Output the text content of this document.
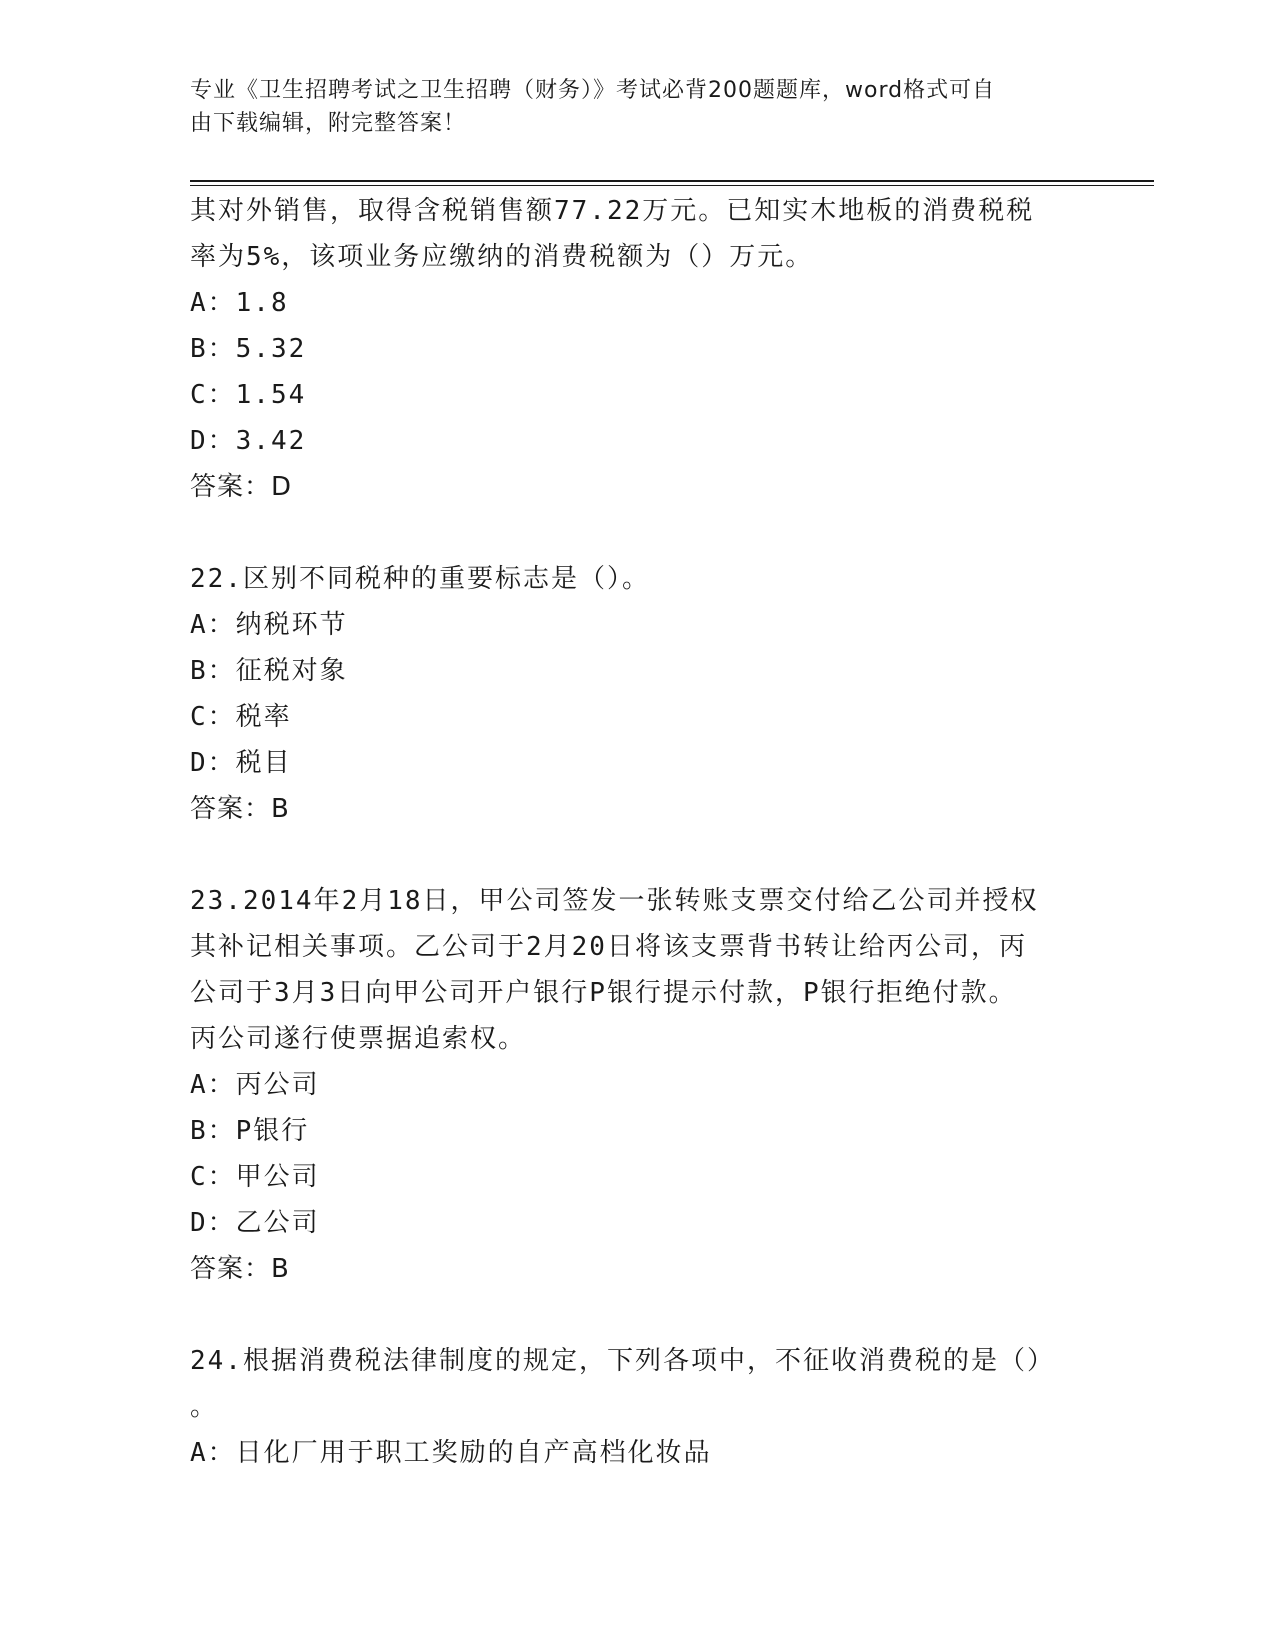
专业《卫生招聘考试之卫生招聘（财务）》考试必背200题题库，word格式可自
由下载编辑，附完整答案！
其对外销售，取得含税销售额77.22万元。已知实木地板的消费税税
率为5%，该项业务应缴纳的消费税额为（）万元。
A：1.8
B：5.32
C：1.54
D：3.42
答案：D
22.区别不同税种的重要标志是（）。
A：纳税环节
B：征税对象
C：税率
D：税目
答案：B
23.2014年2月18日，甲公司签发一张转账支票交付给乙公司并授权
其补记相关事项。乙公司于2月20日将该支票背书转让给丙公司，丙
公司于3月3日向甲公司开户银行P银行提示付款，P银行拒绝付款。
丙公司遂行使票据追索权。
A：丙公司
B：P银行
C：甲公司
D：乙公司
答案：B
24.根据消费税法律制度的规定，下列各项中，不征收消费税的是（）
。
A：日化厂用于职工奖励的自产高档化妆品
